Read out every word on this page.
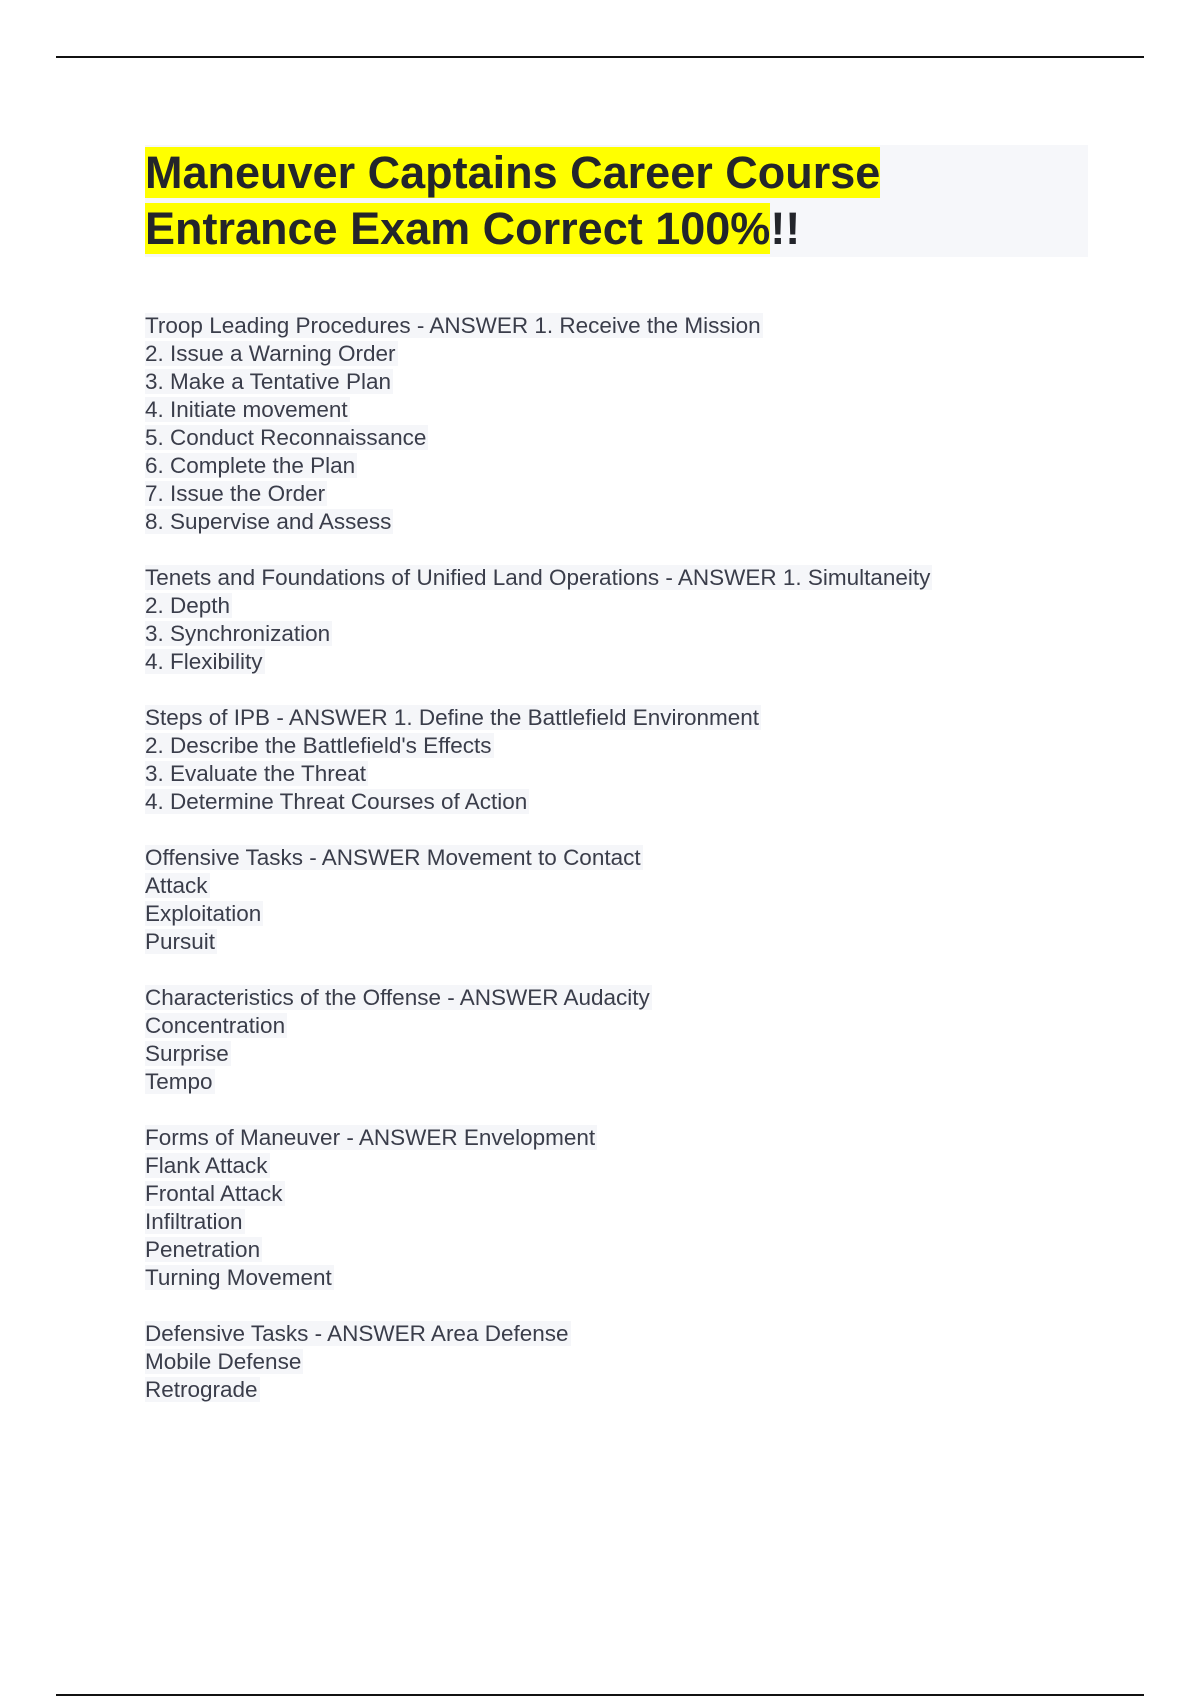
Maneuver Captains Career Course
Entrance Exam Correct 100%!!
Troop Leading Procedures - ANSWER 1. Receive the Mission
2. Issue a Warning Order
3. Make a Tentative Plan
4. Initiate movement
5. Conduct Reconnaissance
6. Complete the Plan
7. Issue the Order
8. Supervise and Assess
Tenets and Foundations of Unified Land Operations - ANSWER 1. Simultaneity
2. Depth
3. Synchronization
4. Flexibility
Steps of IPB - ANSWER 1. Define the Battlefield Environment
2. Describe the Battlefield's Effects
3. Evaluate the Threat
4. Determine Threat Courses of Action
Offensive Tasks - ANSWER Movement to Contact
Attack
Exploitation
Pursuit
Characteristics of the Offense - ANSWER Audacity
Concentration
Surprise
Tempo
Forms of Maneuver - ANSWER Envelopment
Flank Attack
Frontal Attack
Infiltration
Penetration
Turning Movement
Defensive Tasks - ANSWER Area Defense
Mobile Defense
Retrograde
